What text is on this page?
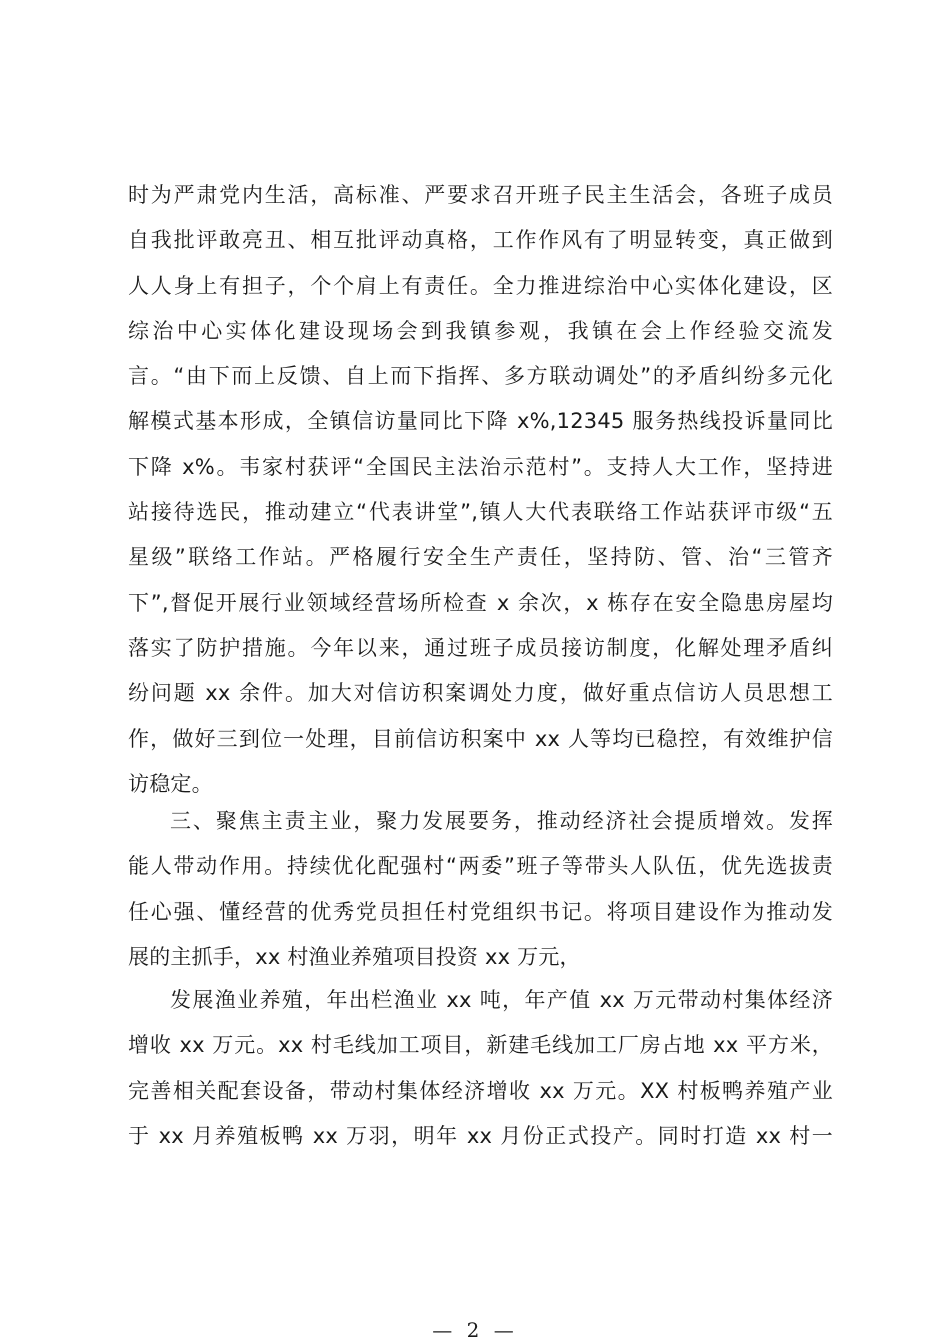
时为严肃党内生活，高标准、严要求召开班子民主生活会，各班子成员
自我批评敢亮丑、相互批评动真格，工作作风有了明显转变，真正做到
人人身上有担子，个个肩上有责任。全力推进综治中心实体化建设，区
综治中心实体化建设现场会到我镇参观，我镇在会上作经验交流发
言。“由下而上反馈、自上而下指挥、多方联动调处”的矛盾纠纷多元化
解模式基本形成，全镇信访量同比下降 x%,12345 服务热线投诉量同比
下降 x%。韦家村获评“全国民主法治示范村”。支持人大工作，坚持进
站接待选民，推动建立“代表讲堂”,镇人大代表联络工作站获评市级“五
星级”联络工作站。严格履行安全生产责任，坚持防、管、治“三管齐
下”,督促开展行业领域经营场所检查 x 余次，x 栋存在安全隐患房屋均
落实了防护措施。今年以来，通过班子成员接访制度，化解处理矛盾纠
纷问题 xx 余件。加大对信访积案调处力度，做好重点信访人员思想工
作，做好三到位一处理，目前信访积案中 xx 人等均已稳控，有效维护信
访稳定。
三、聚焦主责主业，聚力发展要务，推动经济社会提质增效。发挥
能人带动作用。持续优化配强村“两委”班子等带头人队伍，优先选拔责
任心强、懂经营的优秀党员担任村党组织书记。将项目建设作为推动发
展的主抓手，xx 村渔业养殖项目投资 xx 万元，
发展渔业养殖，年出栏渔业 xx 吨，年产值 xx 万元带动村集体经济
增收 xx 万元。xx 村毛线加工项目，新建毛线加工厂房占地 xx 平方米，
完善相关配套设备，带动村集体经济增收 xx 万元。XX 村板鸭养殖产业
于 xx 月养殖板鸭 xx 万羽，明年 xx 月份正式投产。同时打造 xx 村一
— 2 —
